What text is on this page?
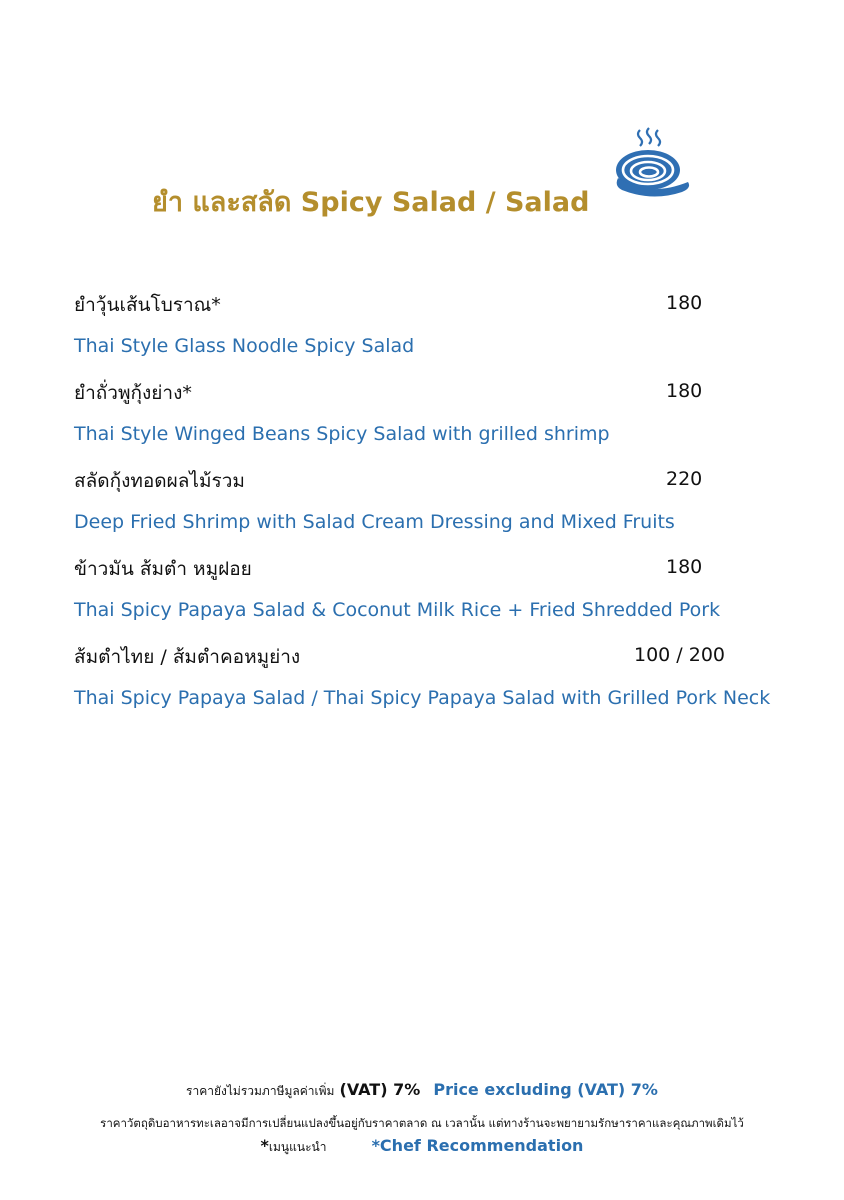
ยำ และสลัด Spicy Salad / Salad
ยำวุ้นเส้นโบราณ*	180
Thai Style Glass Noodle Spicy Salad
ยำถั่วพูกุ้งย่าง*	180
Thai Style Winged Beans Spicy Salad with grilled shrimp
สลัดกุ้งทอดผลไม้รวม	220
Deep Fried Shrimp with Salad Cream Dressing and Mixed Fruits
ข้าวมัน ส้มตำ หมูฝอย	180
Thai Spicy Papaya Salad & Coconut Milk Rice + Fried Shredded Pork
ส้มตำไทย / ส้มตำคอหมูย่าง	100 / 200
Thai Spicy Papaya Salad / Thai Spicy Papaya Salad with Grilled Pork Neck
ราคายังไม่รวมภาษีมูลค่าเพิ่ม (VAT) 7% Price excluding (VAT) 7%
ราคาวัตถุดิบอาหารทะเลอาจมีการเปลี่ยนแปลงขึ้นอยู่กับราคาตลาด ณ เวลานั้น แต่ทางร้านจะพยายามรักษาราคาและคุณภาพเดิมไว้
*เมนูแนะนำ	*Chef Recommendation
